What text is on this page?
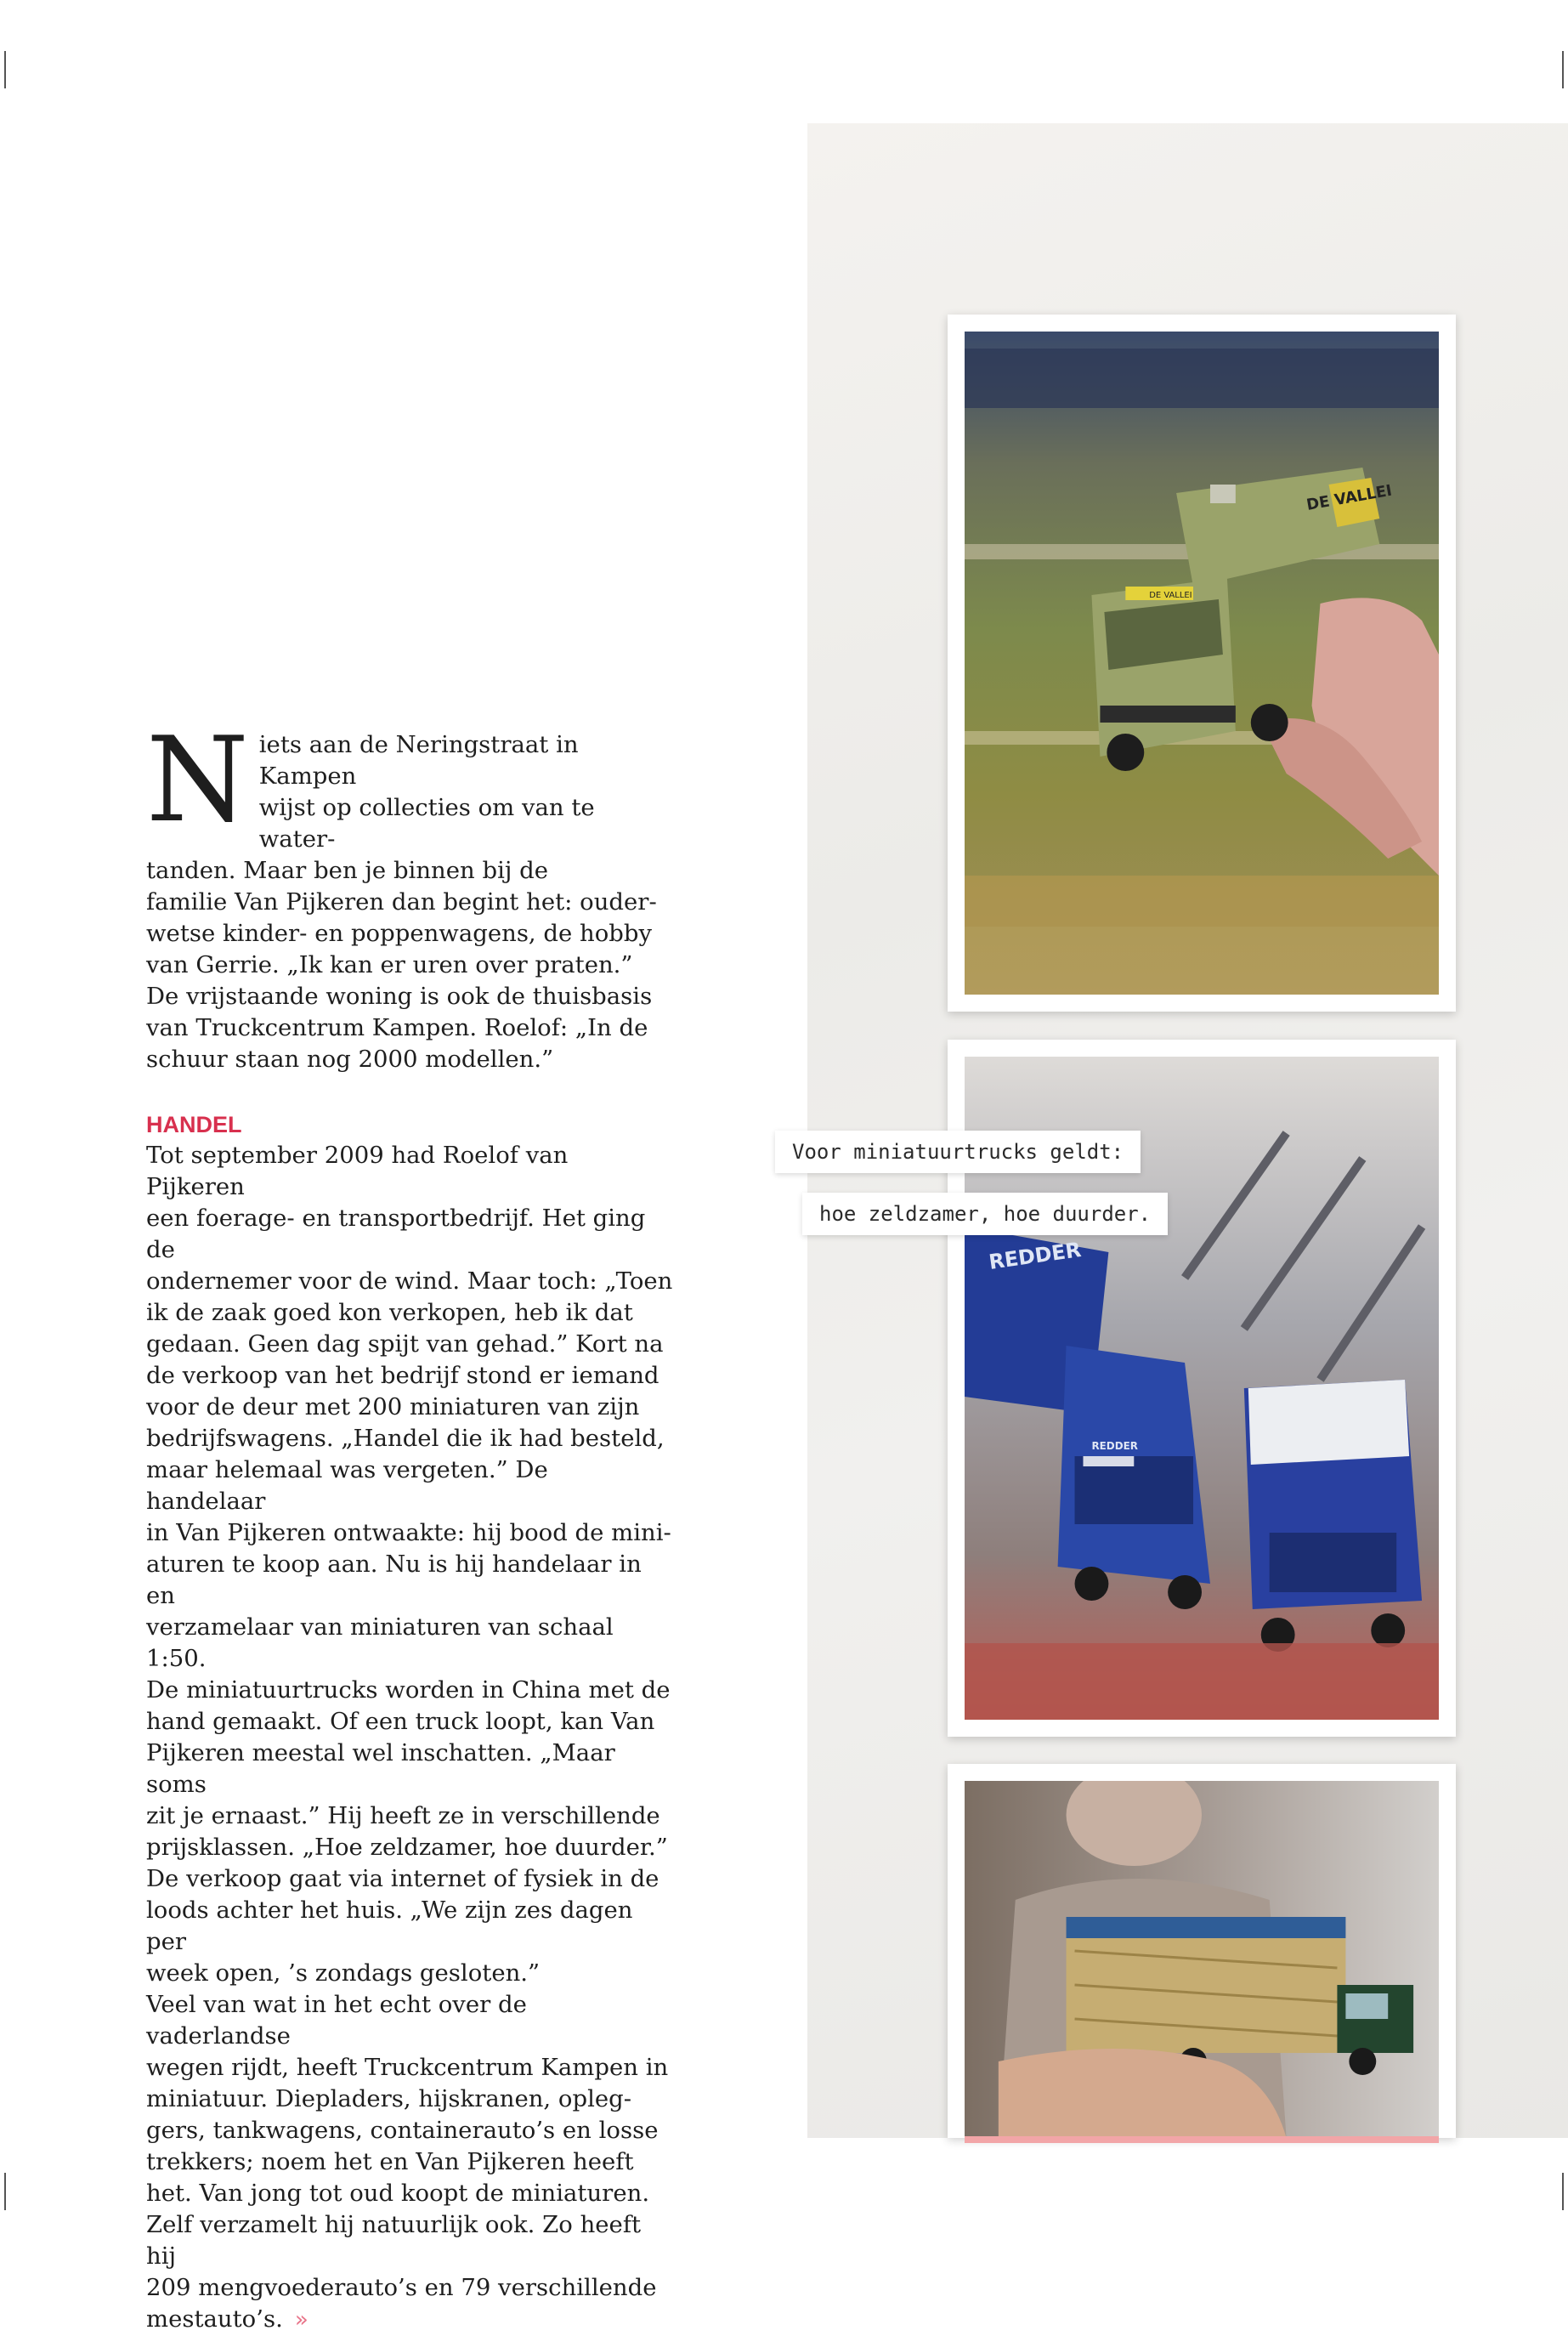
DE VALLEI
DE VALLEI
REDDER
REDDER
Voor miniatuurtrucks geldt:
hoe zeldzamer, hoe duurder.
N iets aan de Neringstraat in Kampen
wijst op collecties om van te water-
tanden. Maar ben je binnen bij de
familie Van Pijkeren dan begint het: ouder-
wetse kinder- en poppenwagens, de hobby
van Gerrie. „Ik kan er uren over praten.”
De vrijstaande woning is ook de thuisbasis
van Truckcentrum Kampen. Roelof: „In de
schuur staan nog 2000 modellen.”

HANDEL

Tot september 2009 had Roelof van Pijkeren
een foerage- en transportbedrijf. Het ging de
ondernemer voor de wind. Maar toch: „Toen
ik de zaak goed kon verkopen, heb ik dat
gedaan. Geen dag spijt van gehad.” Kort na
de verkoop van het bedrijf stond er iemand
voor de deur met 200 miniaturen van zijn
bedrijfswagens. „Handel die ik had besteld,
maar helemaal was vergeten.” De handelaar
in Van Pijkeren ontwaakte: hij bood de mini-
aturen te koop aan. Nu is hij handelaar in en
verzamelaar van miniaturen van schaal 1:50.
De miniatuurtrucks worden in China met de
hand gemaakt. Of een truck loopt, kan Van
Pijkeren meestal wel inschatten. „Maar soms
zit je ernaast.” Hij heeft ze in verschillende
prijsklassen. „Hoe zeldzamer, hoe duurder.”
De verkoop gaat via internet of fysiek in de
loods achter het huis. „We zijn zes dagen per
week open, ’s zondags gesloten.”
Veel van wat in het echt over de vaderlandse
wegen rijdt, heeft Truckcentrum Kampen in
miniatuur. Diepladers, hijskranen, opleg-
gers, tankwagens, containerauto’s en losse
trekkers; noem het en Van Pijkeren heeft
het. Van jong tot oud koopt de miniaturen.
Zelf verzamelt hij natuurlijk ook. Zo heeft hij
209 mengvoederauto’s en 79 verschillende
mestauto’s. »
